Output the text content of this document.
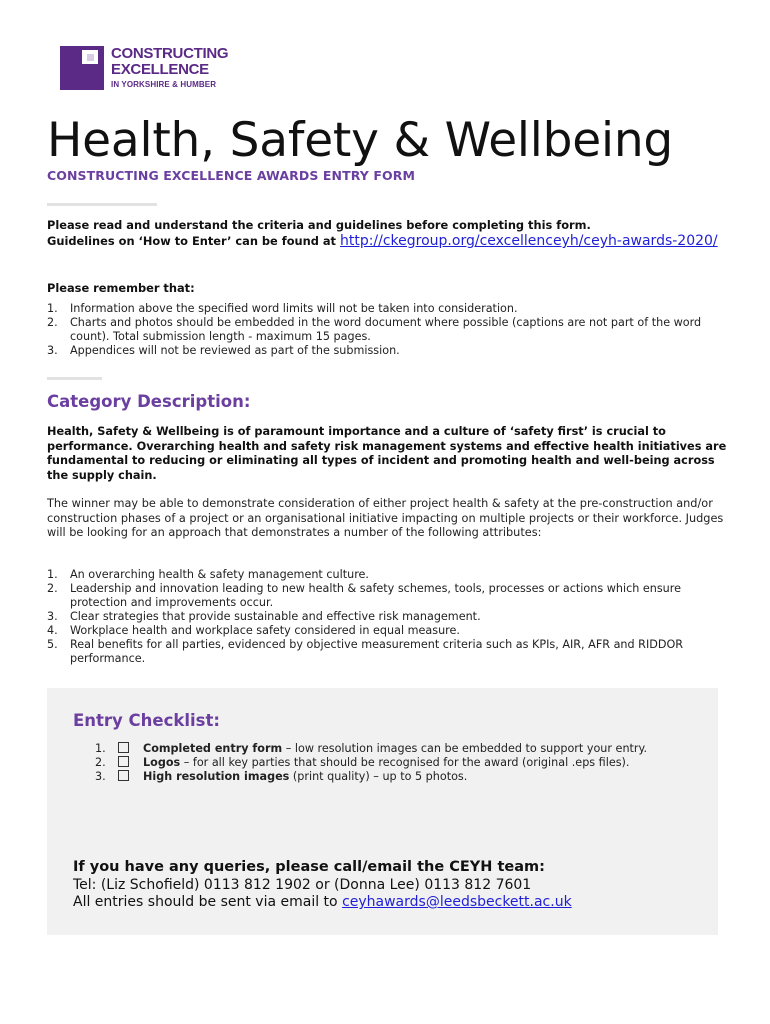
CONSTRUCTING
EXCELLENCE
IN YORKSHIRE & HUMBER
Health, Safety & Wellbeing
CONSTRUCTING EXCELLENCE AWARDS ENTRY FORM
Please read and understand the criteria and guidelines before completing this form.
Guidelines on ‘How to Enter’ can be found at http://ckegroup.org/cexcellenceyh/ceyh-awards-2020/
Please remember that:
1. Information above the specified word limits will not be taken into consideration.
2. Charts and photos should be embedded in the word document where possible (captions are not part of the word count). Total submission length - maximum 15 pages.
3. Appendices will not be reviewed as part of the submission.
Category Description:
Health, Safety & Wellbeing is of paramount importance and a culture of ‘safety first’ is crucial to performance. Overarching health and safety risk management systems and effective health initiatives are fundamental to reducing or eliminating all types of incident and promoting health and well-being across the supply chain.
The winner may be able to demonstrate consideration of either project health & safety at the pre-construction and/or construction phases of a project or an organisational initiative impacting on multiple projects or their workforce. Judges will be looking for an approach that demonstrates a number of the following attributes:
1. An overarching health & safety management culture.
2. Leadership and innovation leading to new health & safety schemes, tools, processes or actions which ensure protection and improvements occur.
3. Clear strategies that provide sustainable and effective risk management.
4. Workplace health and workplace safety considered in equal measure.
5. Real benefits for all parties, evidenced by objective measurement criteria such as KPIs, AIR, AFR and RIDDOR performance.
Entry Checklist:
1.	Completed entry form – low resolution images can be embedded to support your entry.
2.	Logos – for all key parties that should be recognised for the award (original .eps files).
3.	High resolution images (print quality) – up to 5 photos.
If you have any queries, please call/email the CEYH team:
Tel: (Liz Schofield) 0113 812 1902 or (Donna Lee) 0113 812 7601
All entries should be sent via email to ceyhawards@leedsbeckett.ac.uk
